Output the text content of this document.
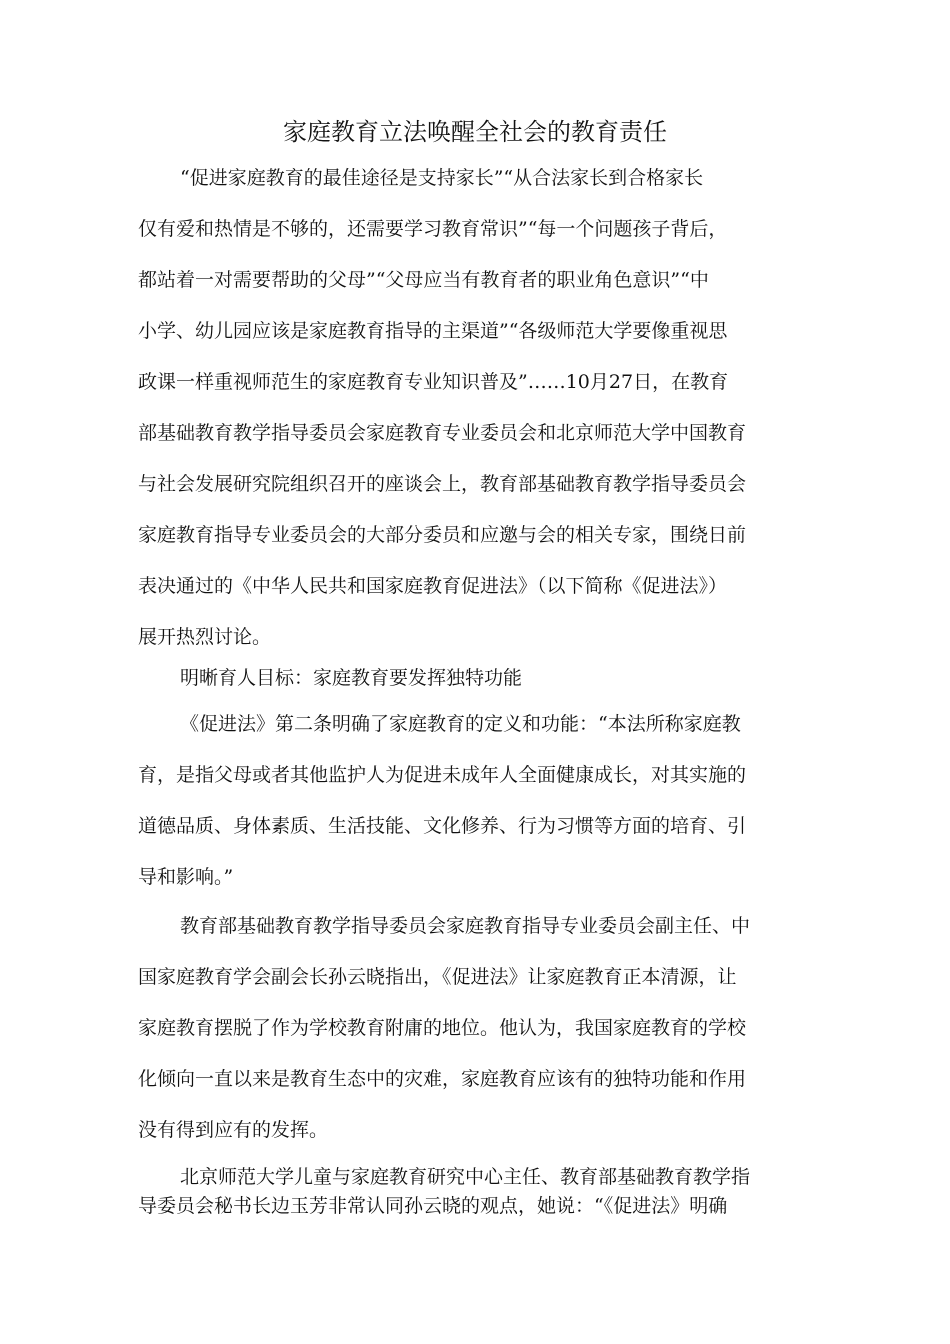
家庭教育立法唤醒全社会的教育责任
“促进家庭教育的最佳途径是支持家长”“从合法家长到合格家长
仅有爱和热情是不够的，还需要学习教育常识”“每一个问题孩子背后，
都站着一对需要帮助的父母”“父母应当有教育者的职业角色意识”“中
小学、幼儿园应该是家庭教育指导的主渠道”“各级师范大学要像重视思
政课一样重视师范生的家庭教育专业知识普及”……10月27日，在教育
部基础教育教学指导委员会家庭教育专业委员会和北京师范大学中国教育
与社会发展研究院组织召开的座谈会上，教育部基础教育教学指导委员会
家庭教育指导专业委员会的大部分委员和应邀与会的相关专家，围绕日前
表决通过的《中华人民共和国家庭教育促进法》（以下简称《促进法》）
展开热烈讨论。
明晰育人目标：家庭教育要发挥独特功能
《促进法》第二条明确了家庭教育的定义和功能：“本法所称家庭教
育，是指父母或者其他监护人为促进未成年人全面健康成长，对其实施的
道德品质、身体素质、生活技能、文化修养、行为习惯等方面的培育、引
导和影响。”
教育部基础教育教学指导委员会家庭教育指导专业委员会副主任、中
国家庭教育学会副会长孙云晓指出，《促进法》让家庭教育正本清源，让
家庭教育摆脱了作为学校教育附庸的地位。他认为，我国家庭教育的学校
化倾向一直以来是教育生态中的灾难，家庭教育应该有的独特功能和作用
没有得到应有的发挥。
北京师范大学儿童与家庭教育研究中心主任、教育部基础教育教学指
导委员会秘书长边玉芳非常认同孙云晓的观点，她说：“《促进法》明确
